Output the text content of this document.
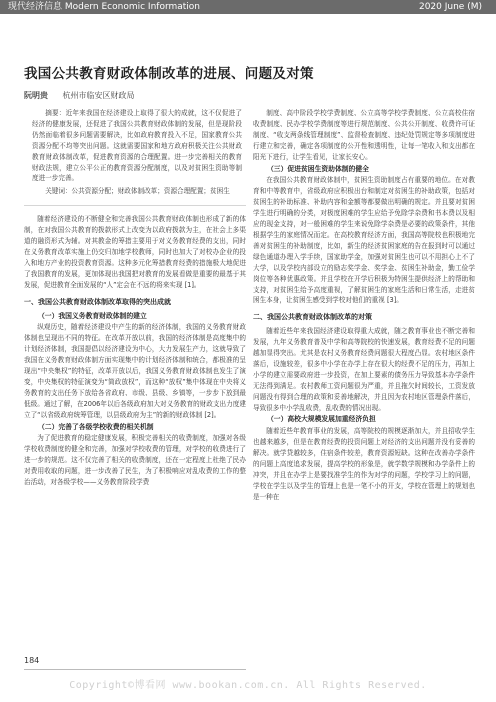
现代经济信息 Modern Economic Information	2020 June (M)
我国公共教育财政体制改革的进展、问题及对策
阮明贵 杭州市临安区财政局

摘要：近年来我国在经济建设上取得了很大的成就，这不仅促进了经济的健康发展，还促进了我国公共教育财政体制的发展，但是现阶段仍然面临着很多问题需要解决，比如政府教育投入不足，国家教育公共资源分配不均等突出问题。这就需要国家和地方政府积极关注公共财政教育财政体制改革，促进教育资源的合理配置。进一步完善相关的教育财政法规，建立公平公正的教育资源分配制度，以及对贫困生资助等制度进一步完善。

关键词：公共资源分配；财政体制改革；资源合理配置；贫困生

随着经济建设的不断健全和完善我国公共教育财政体制也形成了新的体制，在对我国公共教育的拨款形式上改变为以政府拨款为主，在社会上多渠道的融资形式为辅。对其教金的筹措主要用于对义务教育经费的支出，同时在义务教育改革实施上仍交归加地学校教师，同时也加大了对校办企业的投入和地方产业的投资教育资源。这种多元化筹措教育经费的措施极大地促进了我国教育的发展，更加体现出我国把对教育的发展看做是重要的最基于其发展，促进教育全面发展的“人”定会在不远的将来实现 [1]。

一、我国公共教育财政体制改革取得的突出成就
（一）我国义务教育财政体制的建立

纵观历史，随着经济建设中产生的新的经济体制，我国的义务教育财政体制也呈现出不同的特征。在改革开放以前，我国的经济体制是高度集中的计划经济体制，我国提倡以经济建设为中心，大力发展生产力，这就导致了我国在义务教育财政体制方面实现集中的计划经济体制和统合，都极准的呈现出“中央集权”的特征，改革开放以后，我国义务教育财政体制也发生了演变，中央集权的特征演变为“简政放权”，而这种“放权”集中体现在中央将义务教育的支出任务下放给各省政府、市级、县级、乡镇等，一步步下放到最低级。通过了解，在2006年以后各级政府加大对义务教育的财政支出力度建立了“以省级政府统筹管理，以县级政府为主”的新的财政体制 [2]。

（二）完善了各级学校收费的相关机制

为了促进教育的稳定健康发展，积极完善相关的收费制度，加强对各级学校收费制度的健全和完善，加强对学校收费的管理，对学校的收费进行了进一步的规范。这不仅完善了相关的收费制度，还在一定程度上杜绝了民办对费用收取的问题，进一步改善了民生，为了积极响应对乱收费的工作的整治活动，对各级学校——义务教育阶段学费

制度、高中阶段学校学费制度、公立高等学校学费制度、公立高校住宿收费制度、民办学校学费制度等进行规范制度、公共公开制度、收费许可证制度、“收支两条线管理制度”、监督检查制度、违纪处罚规定等多项制度进行建立和完善，确定各项制度的公开性和透明性，让每一笔收入和支出都在阳光下进行，让学生看见，让家长安心。

（三）促进贫困生资助体制的健全

在我国公共教育财政体制中，贫困生资助制度占有重要的地位。在对教育和中等教育中，省级政府应积极出台和制定对贫困生的补助政策，包括对贫困生的补助标准、补助内容和金额等都要做出明确的规定。并且要对贫困学生进行明确的分类，对极度困难的学生应给予免除学杂费和书本费以及相应的现金支持，对一般困难的学生来说免除学杂费是必要的政策条件，其他根据学生的家庭情况而定。在高校教育经济方面，我国高等院校也积极地完善对贫困生的补助制度，比如，新生的经济贫困家庭的告在报到时可以通过绿色通道办理入学手续，国家助学金，加强对贫困生也可以不用担心上不了大学，以及学校内部设立的励志奖学金、奖学金、贫困生补助金，勤工俭学岗位等各种优惠政策。并且学校在开学后积极为特困生提供经济上的帮助和支持，对贫困生给予高度重视，了解贫困生的家庭生活和日常生活，走进贫困生本身，让贫困生感受到学校对他们的重视 [3]。

二、我国公共教育财政体制改革的对策

随着近些年来我国经济建设取得重大成就，随之教育事业也不断完善和发展，九年义务教育普及中学和高等院校的快速发展，教育经费不足的问题越加显得突出。尤其是农村义务教育经费问题很大程度凸显。农村地区条件落后，设施较差，很多中小学在办学上存在很大的经费不足的压力，再加上小学的建立需要政府进一步投资，在加上要素的债务压力导致基本办学条件无法得到满足。农村教师工资问题很为严重，并且拖欠时间较长，工资发放问题没有得到合理的政策和妥善地解决，并且因为农村地区管理条件落后，导致很多中小学乱收费，乱收费的情况出现。

（一）高校大规模发展加重经济负担

随着近些年教育事业的发展，高等院校的规模逐渐加大，并且招收学生也越来越多，但是在教育经费的投资问题上对经济的支出问题并没有妥善的解决。就学贷越较多，住宿条件较差，教育资源短缺。这种在改善办学条件的问题上高度追求发展，提高学校的形象是，就学数学规模和办学条件上的冲突，并且在办学上是要找准学生的作为对学的问题，学校学习上的问题，学校在学生以及学生的管理上也是一笔不小的开支，学校在管理上的规划也是一种在

184
Copyright©博看网 www.bookan.com.cn. All Rights Reserved.
